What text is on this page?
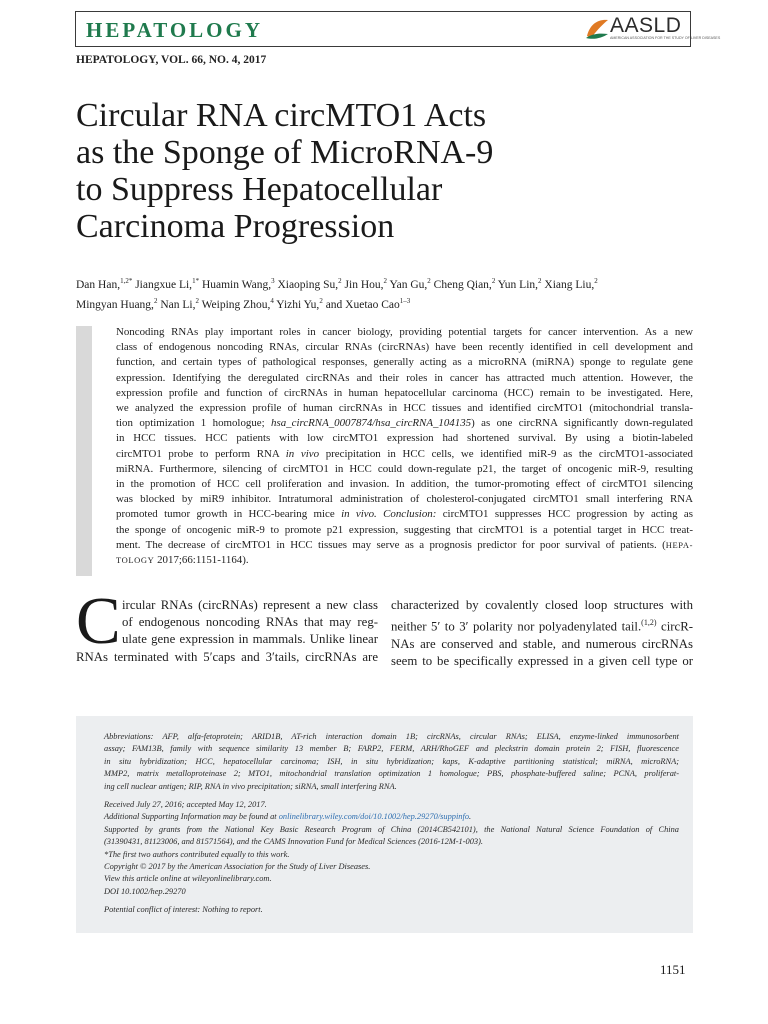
HEPATOLOGY	AASLD
AMERICAN ASSOCIATION FOR THE STUDY OF LIVER DISEASES

HEPATOLOGY, VOL. 66, NO. 4, 2017

Circular RNA circMTO1 Acts
as the Sponge of MicroRNA-9
to Suppress Hepatocellular
Carcinoma Progression
Dan Han,$^{1,2*}$ Jiangxue Li,$^{1*}$ Huamin Wang,$^3$ Xiaoping Su,$^2$ Jin Hou,$^2$ Yan Gu,$^2$ Cheng Qian,$^2$ Yun Lin,$^2$ Xiang Liu,$^2$
Mingyan Huang,$^2$ Nan Li,$^2$ Weiping Zhou,$^4$ Yizhi Yu,$^2$ and Xuetao Cao$^{1-3}$
Noncoding RNAs play important roles in cancer biology, providing potential targets for cancer intervention. As a new
class of endogenous noncoding RNAs, circular RNAs (circRNAs) have been recently identified in cell development and
function, and certain types of pathological responses, generally acting as a microRNA (miRNA) sponge to regulate gene
expression. Identifying the deregulated circRNAs and their roles in cancer has attracted much attention. However, the
expression profile and function of circRNAs in human hepatocellular carcinoma (HCC) remain to be investigated. Here,
we analyzed the expression profile of human circRNAs in HCC tissues and identified circMTO1 (mitochondrial transla-
tion optimization 1 homologue; hsa_circRNA_0007874/hsa_circRNA_104135) as one circRNA significantly down-regulated
in HCC tissues. HCC patients with low circMTO1 expression had shortened survival. By using a biotin-labeled
circMTO1 probe to perform RNA in vivo precipitation in HCC cells, we identified miR-9 as the circMTO1-associated
miRNA. Furthermore, silencing of circMTO1 in HCC could down-regulate p21, the target of oncogenic miR-9, resulting
in the promotion of HCC cell proliferation and invasion. In addition, the tumor-promoting effect of circMTO1 silencing
was blocked by miR9 inhibitor. Intratumoral administration of cholesterol-conjugated circMTO1 small interfering RNA
promoted tumor growth in HCC-bearing mice in vivo. Conclusion: circMTO1 suppresses HCC progression by acting as
the sponge of oncogenic miR-9 to promote p21 expression, suggesting that circMTO1 is a potential target in HCC treat-
ment. The decrease of circMTO1 in HCC tissues may serve as a prognosis predictor for poor survival of patients. (HEPA-
TOLOGY 2017;66:1151-1164).
C ircular RNAs (circRNAs) represent a new class
of endogenous noncoding RNAs that may reg-
ulate gene expression in mammals. Unlike linear
RNAs terminated with 5′caps and 3′tails, circRNAs are
characterized by covalently closed loop structures with
neither 5′ to 3′ polarity nor polyadenylated tail.$^{(1,2)}$ circR-
NAs are conserved and stable, and numerous circRNAs
seem to be specifically expressed in a given cell type or
Abbreviations: AFP, alfa-fetoprotein; ARID1B, AT-rich interaction domain 1B; circRNAs, circular RNAs; ELISA, enzyme-linked immunosorbent
assay; FAM13B, family with sequence similarity 13 member B; FARP2, FERM, ARH/RhoGEF and pleckstrin domain protein 2; FISH, fluorescence
in situ hybridization; HCC, hepatocellular carcinoma; ISH, in situ hybridization; kaps, K-adaptive partitioning statistical; miRNA, microRNA;
MMP2, matrix metalloproteinase 2; MTO1, mitochondrial translation optimization 1 homologue; PBS, phosphate-buffered saline; PCNA, proliferat-
ing cell nuclear antigen; RIP, RNA in vivo precipitation; siRNA, small interfering RNA.
Received July 27, 2016; accepted May 12, 2017.
Additional Supporting Information may be found at onlinelibrary.wiley.com/doi/10.1002/hep.29270/suppinfo.
Supported by grants from the National Key Basic Research Program of China (2014CB542101), the National Natural Science Foundation of China
(31390431, 81123006, and 81571564), and the CAMS Innovation Fund for Medical Sciences (2016-12M-1-003).
*The first two authors contributed equally to this work.
Copyright © 2017 by the American Association for the Study of Liver Diseases.
View this article online at wileyonlinelibrary.com.
DOI 10.1002/hep.29270
Potential conflict of interest: Nothing to report.
1151
